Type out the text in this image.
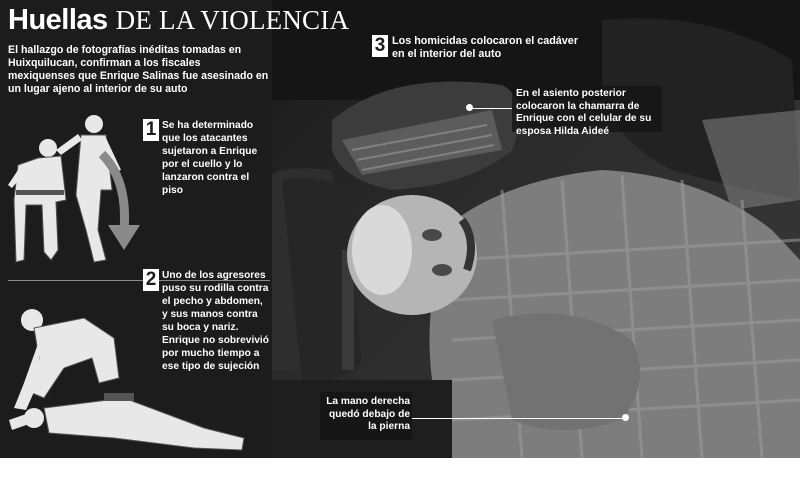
Huellas DE LA VIOLENCIA
El hallazgo de fotografías inéditas tomadas en Huixquilucan, confirman a los fiscales mexiquenses que Enrique Salinas fue asesinado en un lugar ajeno al interior de su auto
1 Se ha determinado que los atacantes sujetaron a Enrique por el cuello y lo lanzaron contra el piso
2 Uno de los agresores puso su rodilla contra el pecho y abdomen, y sus manos contra su boca y nariz. Enrique no sobrevivió por mucho tiempo a ese tipo de sujeción
3 Los homicidas colocaron el cadáver en el interior del auto
En el asiento posterior colocaron la chamarra de Enrique con el celular de su esposa Hilda Aideé
La mano derecha quedó debajo de la pierna
